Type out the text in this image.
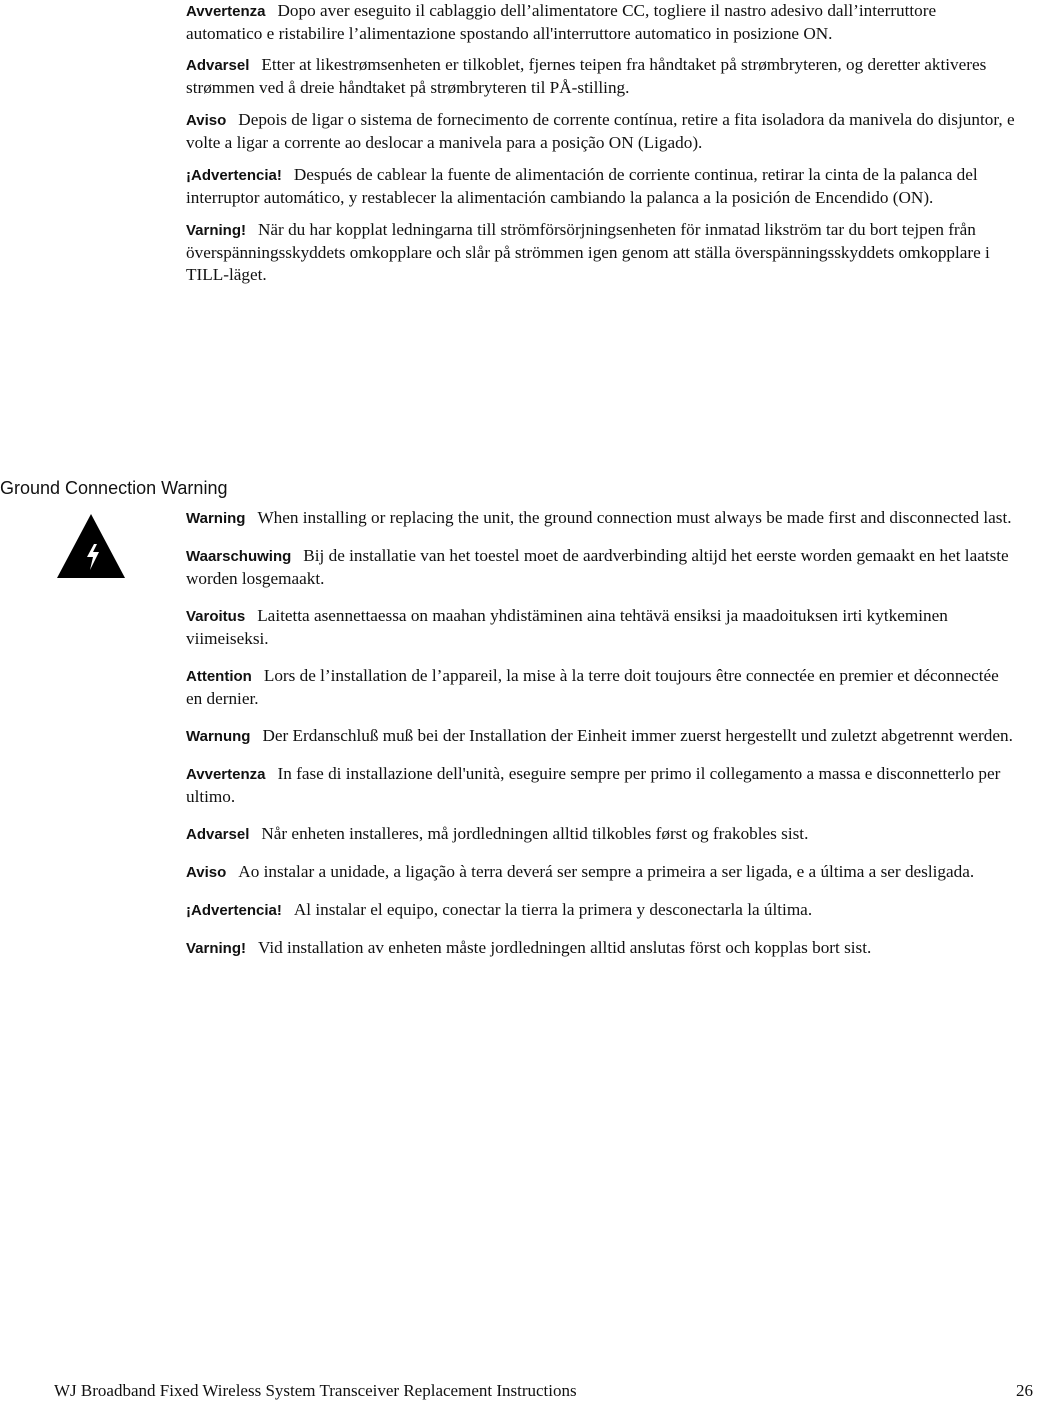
Avvertenza Dopo aver eseguito il cablaggio dell’alimentatore CC, togliere il nastro adesivo dall’interruttore automatico e ristabilire l’alimentazione spostando all'interruttore automatico in posizione ON.

Advarsel Etter at likestrømsenheten er tilkoblet, fjernes teipen fra håndtaket på strømbryteren, og deretter aktiveres strømmen ved å dreie håndtaket på strømbryteren til PÅ-stilling.

Aviso Depois de ligar o sistema de fornecimento de corrente contínua, retire a fita isoladora da manivela do disjuntor, e volte a ligar a corrente ao deslocar a manivela para a posição ON (Ligado).

¡Advertencia! Después de cablear la fuente de alimentación de corriente continua, retirar la cinta de la palanca del interruptor automático, y restablecer la alimentación cambiando la palanca a la posición de Encendido (ON).

Varning! När du har kopplat ledningarna till strömförsörjningsenheten för inmatad likström tar du bort tejpen från överspänningsskyddets omkopplare och slår på strömmen igen genom att ställa överspänningsskyddets omkopplare i TILL-läget.

Ground Connection Warning

Warning When installing or replacing the unit, the ground connection must always be made first and disconnected last.

Waarschuwing Bij de installatie van het toestel moet de aardverbinding altijd het eerste worden gemaakt en het laatste worden losgemaakt.

Varoitus Laitetta asennettaessa on maahan yhdistäminen aina tehtävä ensiksi ja maadoituksen irti kytkeminen viimeiseksi.

Attention Lors de l’installation de l’appareil, la mise à la terre doit toujours être connectée en premier et déconnectée en dernier.

Warnung Der Erdanschluß muß bei der Installation der Einheit immer zuerst hergestellt und zuletzt abgetrennt werden.

Avvertenza In fase di installazione dell'unità, eseguire sempre per primo il collegamento a massa e disconnetterlo per ultimo.

Advarsel Når enheten installeres, må jordledningen alltid tilkobles først og frakobles sist.

Aviso Ao instalar a unidade, a ligação à terra deverá ser sempre a primeira a ser ligada, e a última a ser desligada.

¡Advertencia! Al instalar el equipo, conectar la tierra la primera y desconectarla la última.

Varning! Vid installation av enheten måste jordledningen alltid anslutas först och kopplas bort sist.

WJ Broadband Fixed Wireless System Transceiver Replacement Instructions	26
